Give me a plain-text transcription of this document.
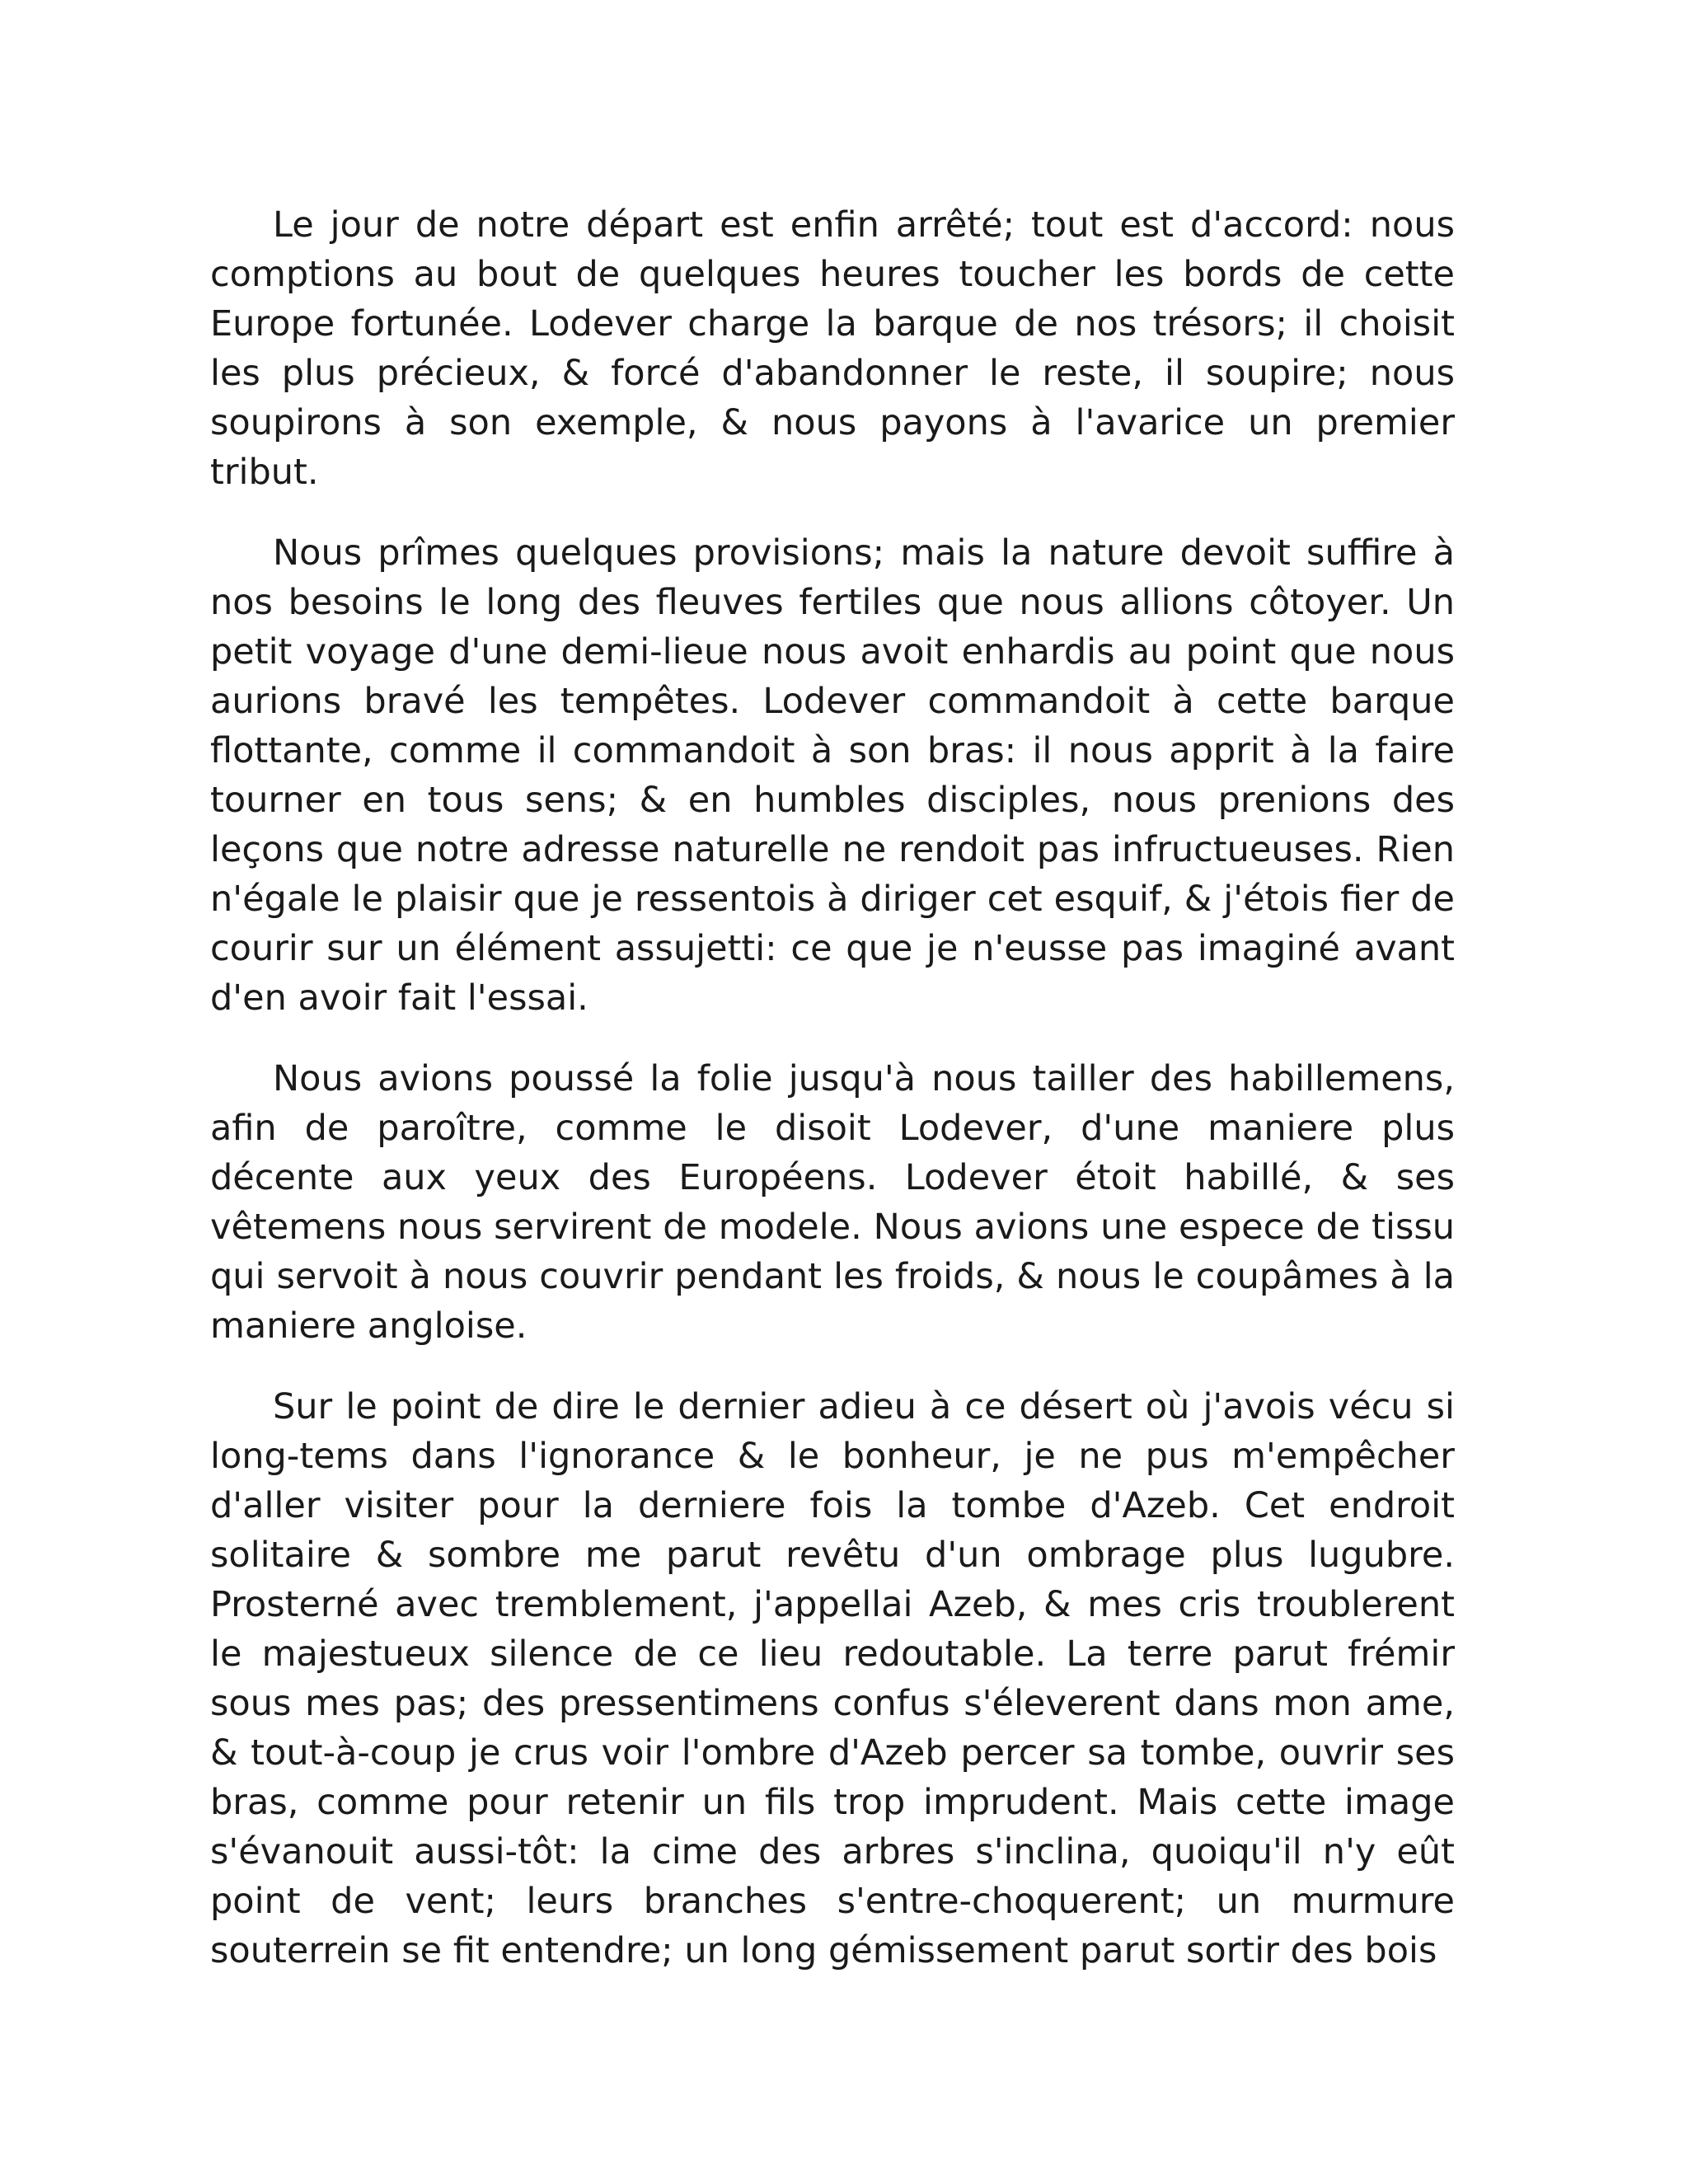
Le jour de notre départ est enfin arrêté; tout est d'accord: nous comptions au bout de quelques heures toucher les bords de cette Europe fortunée. Lodever charge la barque de nos trésors; il choisit les plus précieux, & forcé d'abandonner le reste, il soupire; nous soupirons à son exemple, & nous payons à l'avarice un premier tribut.

Nous prîmes quelques provisions; mais la nature devoit suffire à nos besoins le long des fleuves fertiles que nous allions côtoyer. Un petit voyage d'une demi-lieue nous avoit enhardis au point que nous aurions bravé les tempêtes. Lodever commandoit à cette barque flottante, comme il commandoit à son bras: il nous apprit à la faire tourner en tous sens; & en humbles disciples, nous prenions des leçons que notre adresse naturelle ne rendoit pas infructueuses. Rien n'égale le plaisir que je ressentois à diriger cet esquif, & j'étois fier de courir sur un élément assujetti: ce que je n'eusse pas imaginé avant d'en avoir fait l'essai.

Nous avions poussé la folie jusqu'à nous tailler des habillemens, afin de paroître, comme le disoit Lodever, d'une maniere plus décente aux yeux des Européens. Lodever étoit habillé, & ses vêtemens nous servirent de modele. Nous avions une espece de tissu qui servoit à nous couvrir pendant les froids, & nous le coupâmes à la maniere angloise.

Sur le point de dire le dernier adieu à ce désert où j'avois vécu si long-tems dans l'ignorance & le bonheur, je ne pus m'empêcher d'aller visiter pour la derniere fois la tombe d'Azeb. Cet endroit solitaire & sombre me parut revêtu d'un ombrage plus lugubre. Prosterné avec tremblement, j'appellai Azeb, & mes cris troublerent le majestueux silence de ce lieu redoutable. La terre parut frémir sous mes pas; des pressentimens confus s'éleverent dans mon ame, & tout-à-coup je crus voir l'ombre d'Azeb percer sa tombe, ouvrir ses bras, comme pour retenir un fils trop imprudent. Mais cette image s'évanouit aussi-tôt: la cime des arbres s'inclina, quoiqu'il n'y eût point de vent; leurs branches s'entre-choquerent; un murmure souterrein se fit entendre; un long gémissement parut sortir des bois
